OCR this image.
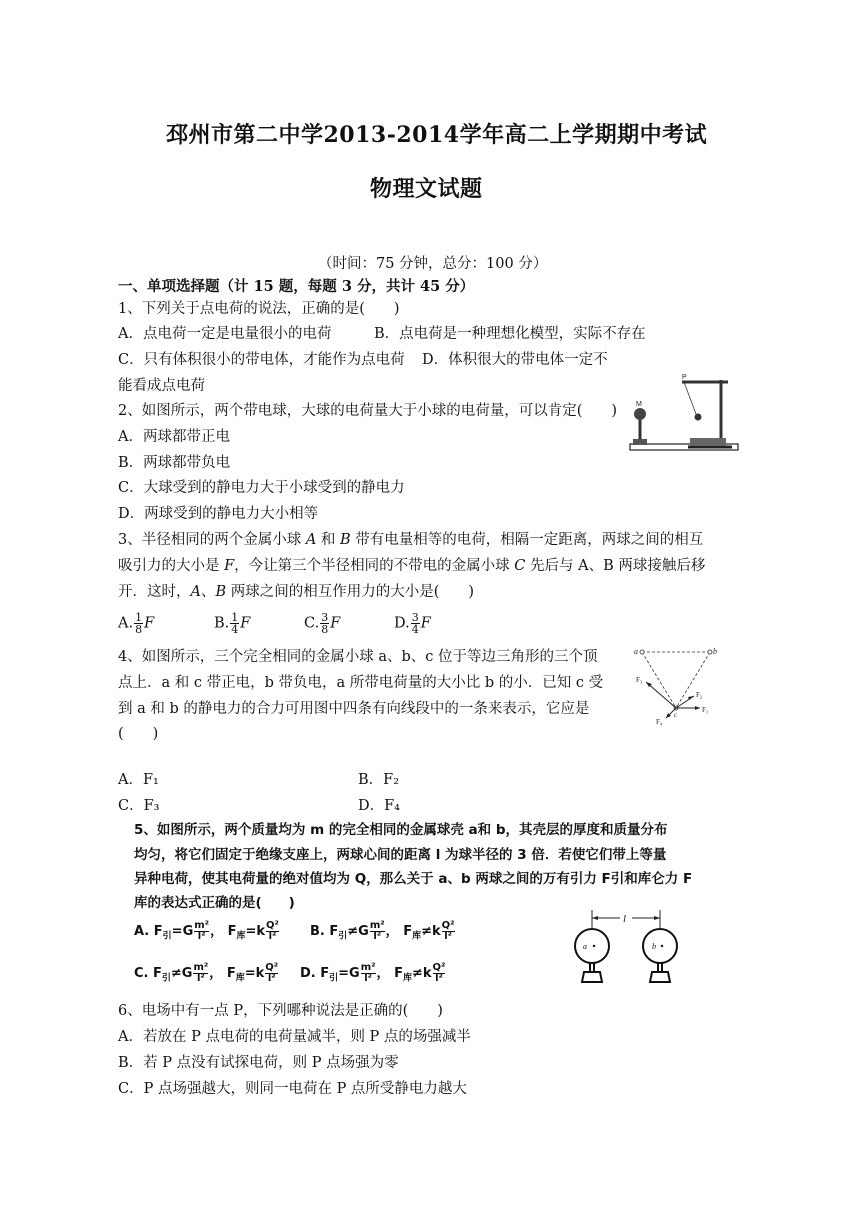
邳州市第二中学2013-2014学年高二上学期期中考试
物理文试题
（时间：75 分钟，总分：100 分）
一、单项选择题（计 15 题，每题 3 分，共计 45 分）
1、下列关于点电荷的说法，正确的是(　　)
A．点电荷一定是电量很小的电荷	B．点电荷是一种理想化模型，实际不存在
C．只有体积很小的带电体，才能作为点电荷 D．体积很大的带电体一定不
能看成点电荷
2、如图所示，两个带电球，大球的电荷量大于小球的电荷量，可以肯定(　　)
A．两球都带正电
B．两球都带负电
C．大球受到的静电力大于小球受到的静电力
D．两球受到的静电力大小相等
M
P
3、半径相同的两个金属小球 A 和 B 带有电量相等的电荷，相隔一定距离，两球之间的相互
吸引力的大小是 F，今让第三个半径相同的不带电的金属小球 C 先后与 A、B 两球接触后移
开．这时，A、B 两球之间的相互作用力的大小是(　　)
A. $\frac{1}{8}$ F	B. $\frac{1}{4}$ F	C. $\frac{3}{8}$ F	D. $\frac{3}{4}$ F
4、如图所示，三个完全相同的金属小球 a、b、c 位于等边三角形的三个顶
点上．a 和 c 带正电，b 带负电，a 所带电荷量的大小比 b 的小．已知 c 受
到 a 和 b 的静电力的合力可用图中四条有向线段中的一条来表示，它应是
(　　)
a	b
c
F₃
F₂
F₁
F₄
A．F₁	B．F₂
C．F₃	D．F₄
5、如图所示，两个质量均为 m 的完全相同的金属球壳 a和 b，其壳层的厚度和质量分布
均匀，将它们固定于绝缘支座上，两球心间的距离 l 为球半径的 3 倍．若使它们带上等量
异种电荷，使其电荷量的绝对值均为 Q，那么关于 a、b 两球之间的万有引力 F引和库仑力 F
库的表达式正确的是(　　)
A. $F_引=G \frac{\text{m²}}{\text{l²}}$， $F_库=k \frac{\text{Q²}}{\text{l²}} B$. $F_引\ne G \frac{\text{m²}}{\text{l²}}$， $F_库\ne k \frac{\text{Q²}}{\text{l²}}$
C. $F_引\ne G \frac{\text{m²}}{\text{l²}}$， $F_库=k \frac{\text{Q²}}{\text{l²}} D$. $F_引=G \frac{\text{m²}}{\text{l²}}$， $F_库\ne k \frac{\text{Q²}}{\text{l²}}$
l
a	b
6、电场中有一点 P，下列哪种说法是正确的(　　)
A．若放在 P 点电荷的电荷量减半，则 P 点的场强减半
B．若 P 点没有试探电荷，则 P 点场强为零
C．P 点场强越大，则同一电荷在 P 点所受静电力越大
